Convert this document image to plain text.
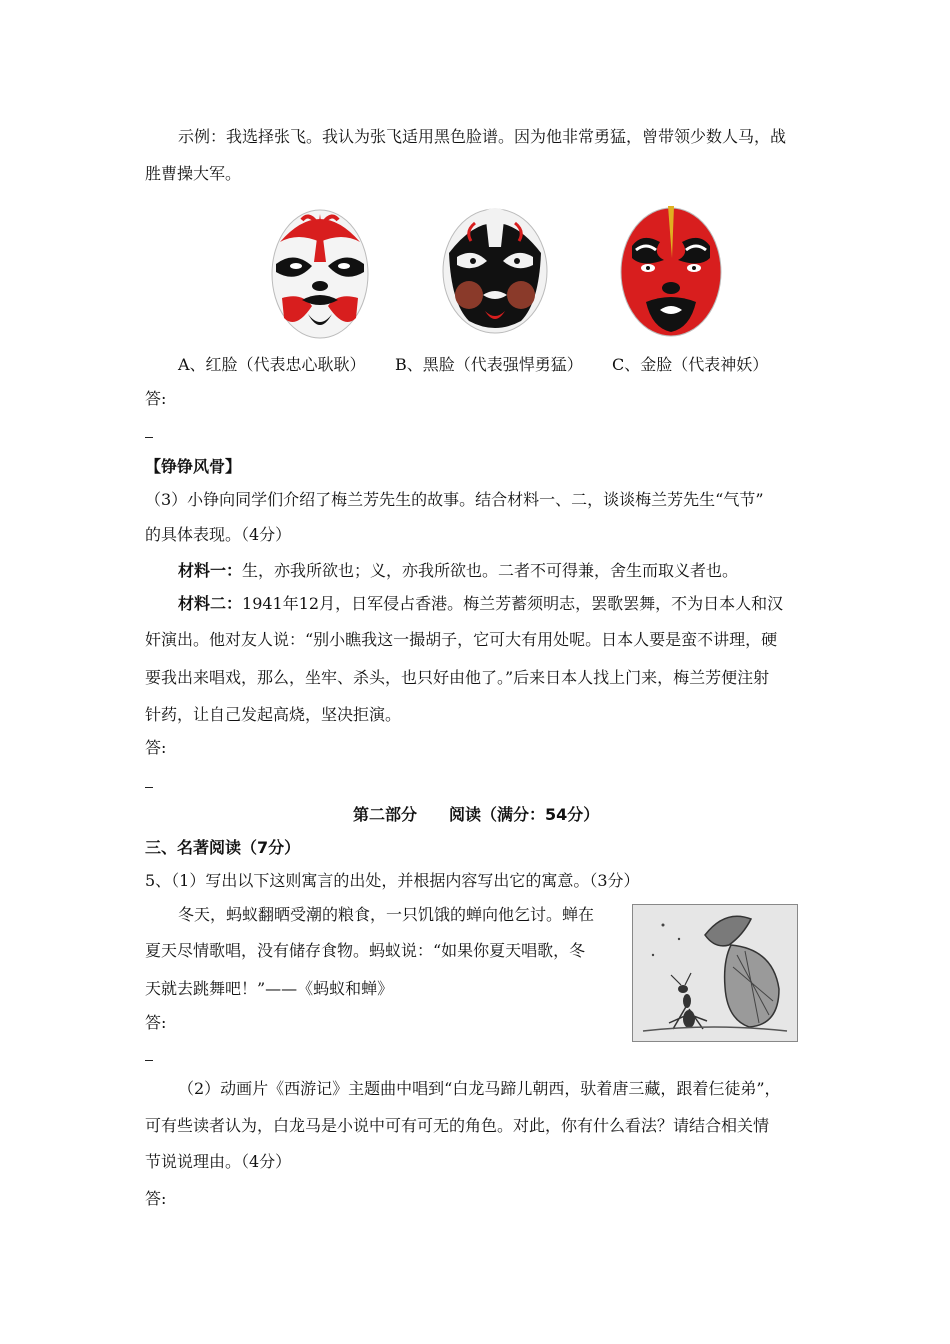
示例：我选择张飞。我认为张飞适用黑色脸谱。因为他非常勇猛，曾带领少数人马，战
胜曹操大军。
A、红脸（代表忠心耿耿） B、黑脸（代表强悍勇猛） C、金脸（代表神妖）
答:
【铮铮风骨】
（3）小铮向同学们介绍了梅兰芳先生的故事。结合材料一、二，谈谈梅兰芳先生“气节”
的具体表现。（4分）
材料一：生，亦我所欲也；义，亦我所欲也。二者不可得兼，舍生而取义者也。
材料二：1941年12月，日军侵占香港。梅兰芳蓄须明志，罢歌罢舞，不为日本人和汉
奸演出。他对友人说：“别小瞧我这一撮胡子，它可大有用处呢。日本人要是蛮不讲理，硬
要我出来唱戏，那么，坐牢、杀头，也只好由他了。”后来日本人找上门来，梅兰芳便注射
针药，让自己发起高烧，坚决拒演。
答:
第二部分　　阅读（满分：54分）
三、名著阅读（7分）
5、（1）写出以下这则寓言的出处，并根据内容写出它的寓意。（3分）
冬天，蚂蚁翻晒受潮的粮食，一只饥饿的蝉向他乞讨。蝉在
夏天尽情歌唱，没有储存食物。蚂蚁说：“如果你夏天唱歌，冬
天就去跳舞吧！”——《蚂蚁和蝉》
答:
（2）动画片《西游记》主题曲中唱到“白龙马蹄儿朝西，驮着唐三藏，跟着仨徒弟”，
可有些读者认为，白龙马是小说中可有可无的角色。对此，你有什么看法？请结合相关情
节说说理由。（4分）
答:
